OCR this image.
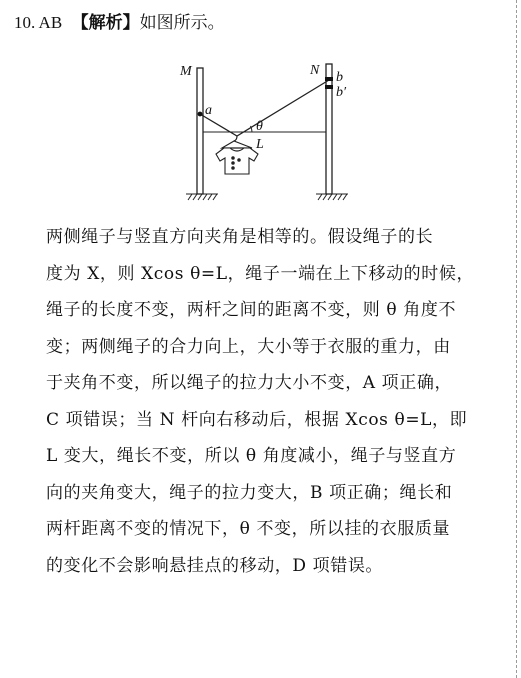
10. AB 【解析】如图所示。
M	N
a
b
b′
θ
L
两侧绳子与竖直方向夹角是相等的。假设绳子的长
度为 X，则 Xcos θ=L，绳子一端在上下移动的时候，
绳子的长度不变，两杆之间的距离不变，则 θ 角度不
变；两侧绳子的合力向上，大小等于衣服的重力，由
于夹角不变，所以绳子的拉力大小不变，A 项正确，
C 项错误；当 N 杆向右移动后，根据 Xcos θ=L，即
L 变大，绳长不变，所以 θ 角度减小，绳子与竖直方
向的夹角变大，绳子的拉力变大，B 项正确；绳长和
两杆距离不变的情况下，θ 不变，所以挂的衣服质量
的变化不会影响悬挂点的移动，D 项错误。
